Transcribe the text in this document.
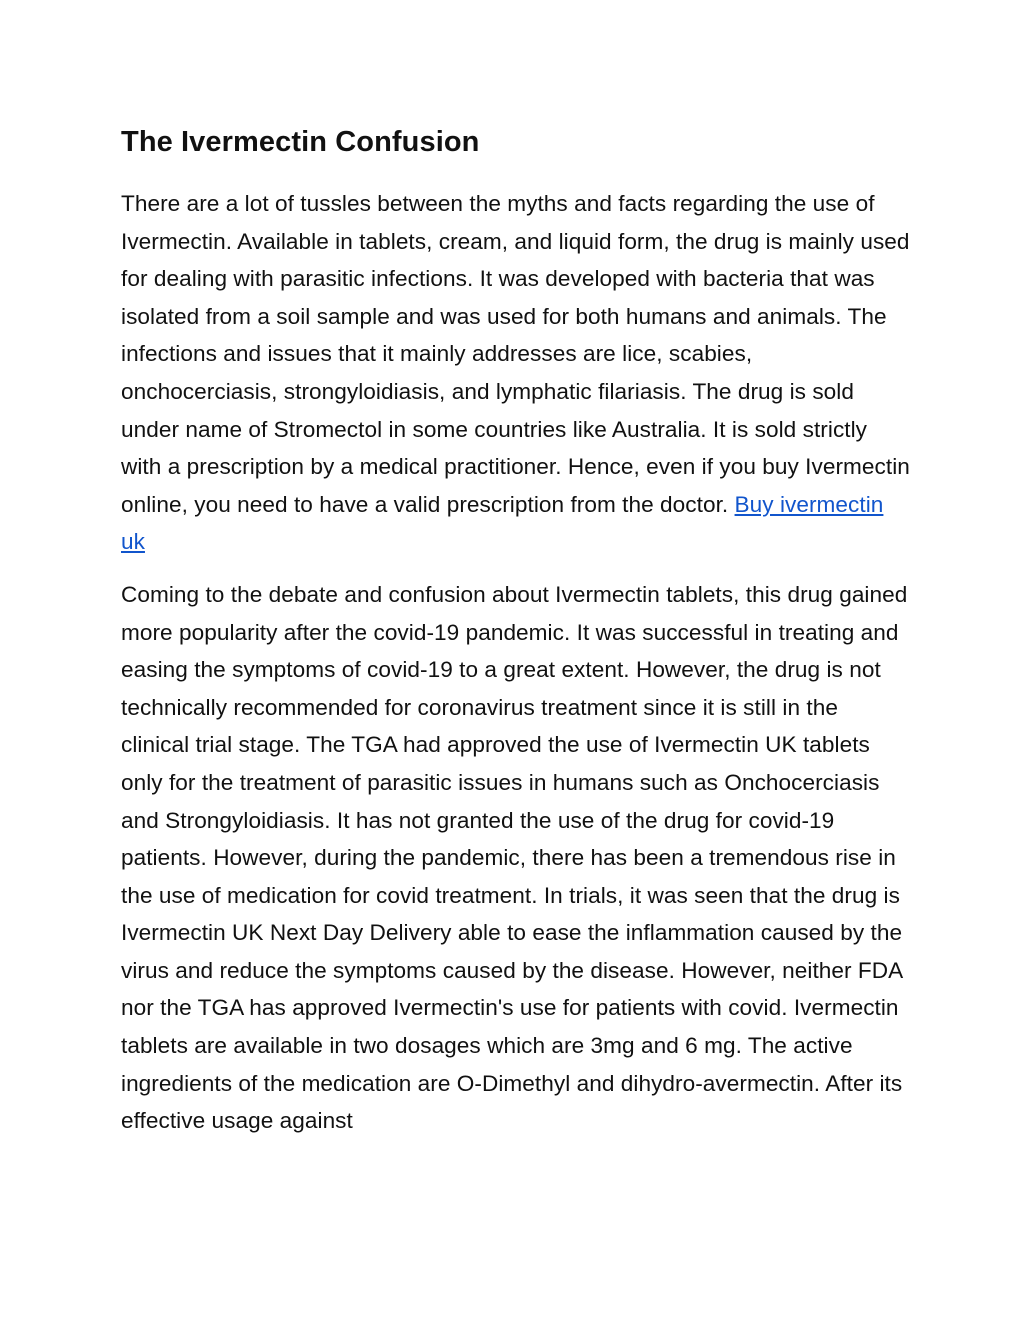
The Ivermectin Confusion

There are a lot of tussles between the myths and facts regarding the use of Ivermectin. Available in tablets, cream, and liquid form, the drug is mainly used for dealing with parasitic infections. It was developed with bacteria that was isolated from a soil sample and was used for both humans and animals. The infections and issues that it mainly addresses are lice, scabies, onchocerciasis, strongyloidiasis, and lymphatic filariasis. The drug is sold under name of Stromectol in some countries like Australia. It is sold strictly with a prescription by a medical practitioner. Hence, even if you buy Ivermectin online, you need to have a valid prescription from the doctor. Buy ivermectin uk

Coming to the debate and confusion about Ivermectin tablets, this drug gained more popularity after the covid-19 pandemic. It was successful in treating and easing the symptoms of covid-19 to a great extent. However, the drug is not technically recommended for coronavirus treatment since it is still in the clinical trial stage. The TGA had approved the use of Ivermectin UK tablets only for the treatment of parasitic issues in humans such as Onchocerciasis and Strongyloidiasis. It has not granted the use of the drug for covid-19 patients. However, during the pandemic, there has been a tremendous rise in the use of medication for covid treatment. In trials, it was seen that the drug is Ivermectin UK Next Day Delivery able to ease the inflammation caused by the virus and reduce the symptoms caused by the disease. However, neither FDA nor the TGA has approved Ivermectin's use for patients with covid. Ivermectin tablets are available in two dosages which are 3mg and 6 mg. The active ingredients of the medication are O-Dimethyl and dihydro-avermectin. After its effective usage against
